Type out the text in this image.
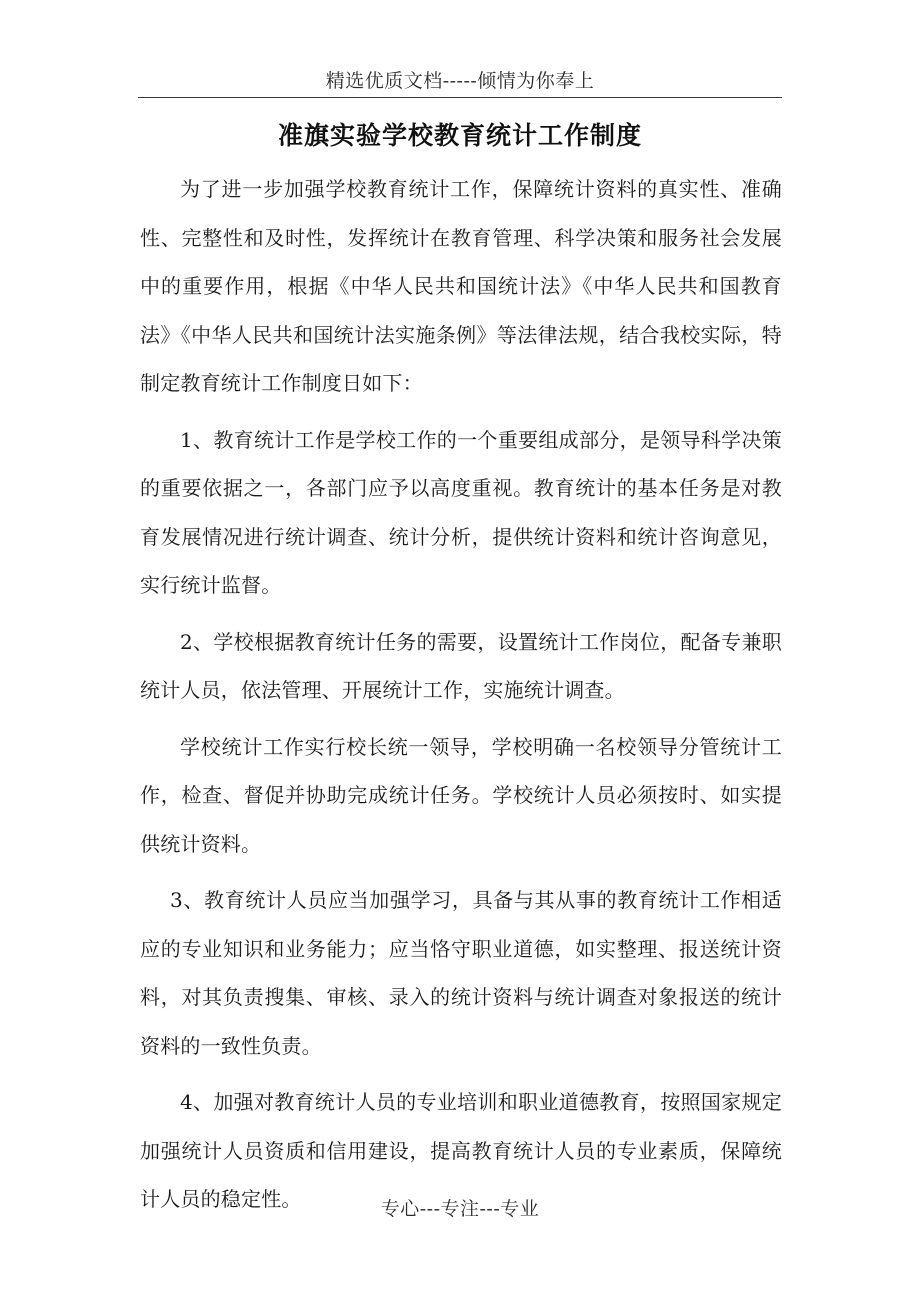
精选优质文档-----倾情为你奉上
准旗实验学校教育统计工作制度

为了进一步加强学校教育统计工作，保障统计资料的真实性、准确性、完整性和及时性，发挥统计在教育管理、科学决策和服务社会发展中的重要作用，根据《中华人民共和国统计法》《中华人民共和国教育法》《中华人民共和国统计法实施条例》等法律法规，结合我校实际，特制定教育统计工作制度日如下：

1、教育统计工作是学校工作的一个重要组成部分，是领导科学决策的重要依据之一，各部门应予以高度重视。教育统计的基本任务是对教育发展情况进行统计调查、统计分析，提供统计资料和统计咨询意见，实行统计监督。

2、学校根据教育统计任务的需要，设置统计工作岗位，配备专兼职统计人员，依法管理、开展统计工作，实施统计调查。

学校统计工作实行校长统一领导，学校明确一名校领导分管统计工作，检查、督促并协助完成统计任务。学校统计人员必须按时、如实提供统计资料。

3、教育统计人员应当加强学习，具备与其从事的教育统计工作相适应的专业知识和业务能力；应当恪守职业道德，如实整理、报送统计资料，对其负责搜集、审核、录入的统计资料与统计调查对象报送的统计资料的一致性负责。

4、加强对教育统计人员的专业培训和职业道德教育，按照国家规定加强统计人员资质和信用建设，提高教育统计人员的专业素质，保障统计人员的稳定性。	专心---专注---专业
